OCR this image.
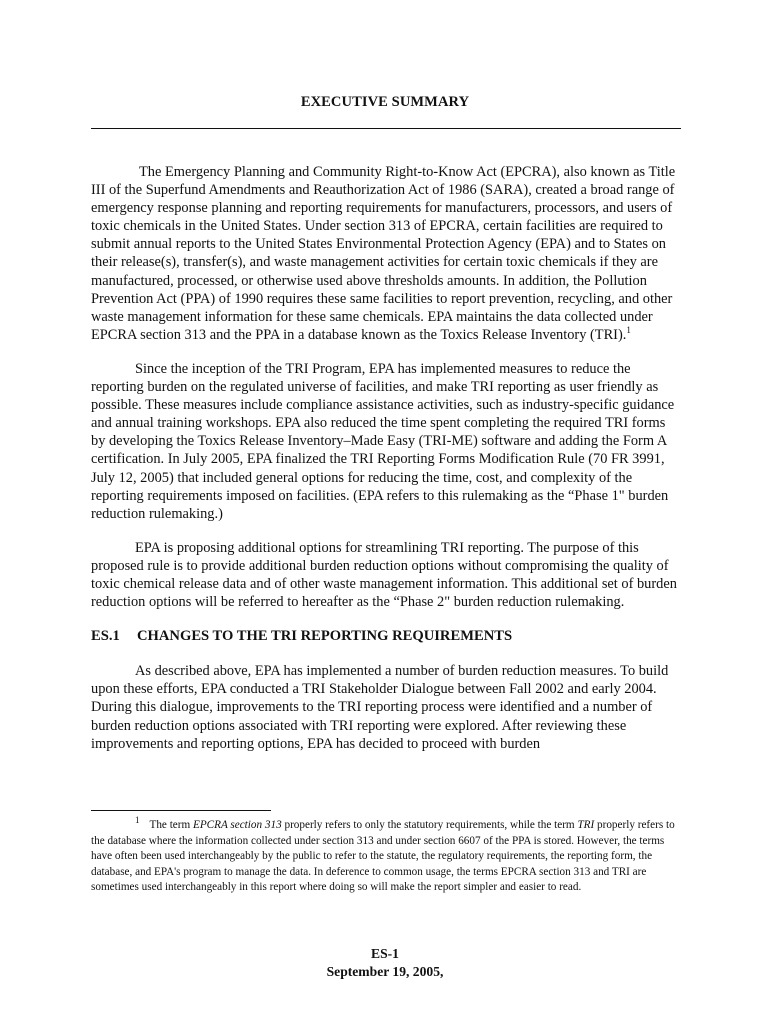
EXECUTIVE SUMMARY

The Emergency Planning and Community Right-to-Know Act (EPCRA), also known as Title III of the Superfund Amendments and Reauthorization Act of 1986 (SARA), created a broad range of emergency response planning and reporting requirements for manufacturers, processors, and users of toxic chemicals in the United States. Under section 313 of EPCRA, certain facilities are required to submit annual reports to the United States Environmental Protection Agency (EPA) and to States on their release(s), transfer(s), and waste management activities for certain toxic chemicals if they are manufactured, processed, or otherwise used above thresholds amounts. In addition, the Pollution Prevention Act (PPA) of 1990 requires these same facilities to report prevention, recycling, and other waste management information for these same chemicals. EPA maintains the data collected under EPCRA section 313 and the PPA in a database known as the Toxics Release Inventory (TRI).$^1$

Since the inception of the TRI Program, EPA has implemented measures to reduce the reporting burden on the regulated universe of facilities, and make TRI reporting as user friendly as possible. These measures include compliance assistance activities, such as industry-specific guidance and annual training workshops. EPA also reduced the time spent completing the required TRI forms by developing the Toxics Release Inventory–Made Easy (TRI-ME) software and adding the Form A certification. In July 2005, EPA finalized the TRI Reporting Forms Modification Rule (70 FR 3991, July 12, 2005) that included general options for reducing the time, cost, and complexity of the reporting requirements imposed on facilities. (EPA refers to this rulemaking as the “Phase 1" burden reduction rulemaking.)

EPA is proposing additional options for streamlining TRI reporting. The purpose of this proposed rule is to provide additional burden reduction options without compromising the quality of toxic chemical release data and of other waste management information. This additional set of burden reduction options will be referred to hereafter as the “Phase 2" burden reduction rulemaking.

ES.1 CHANGES TO THE TRI REPORTING REQUIREMENTS

As described above, EPA has implemented a number of burden reduction measures. To build upon these efforts, EPA conducted a TRI Stakeholder Dialogue between Fall 2002 and early 2004. During this dialogue, improvements to the TRI reporting process were identified and a number of burden reduction options associated with TRI reporting were explored. After reviewing these improvements and reporting options, EPA has decided to proceed with burden

$^1$ The term EPCRA section 313 properly refers to only the statutory requirements, while the term TRI properly refers to the database where the information collected under section 313 and under section 6607 of the PPA is stored. However, the terms have often been used interchangeably by the public to refer to the statute, the regulatory requirements, the reporting form, the database, and EPA's program to manage the data. In deference to common usage, the terms EPCRA section 313 and TRI are sometimes used interchangeably in this report where doing so will make the report simpler and easier to read.
ES-1
September 19, 2005,
